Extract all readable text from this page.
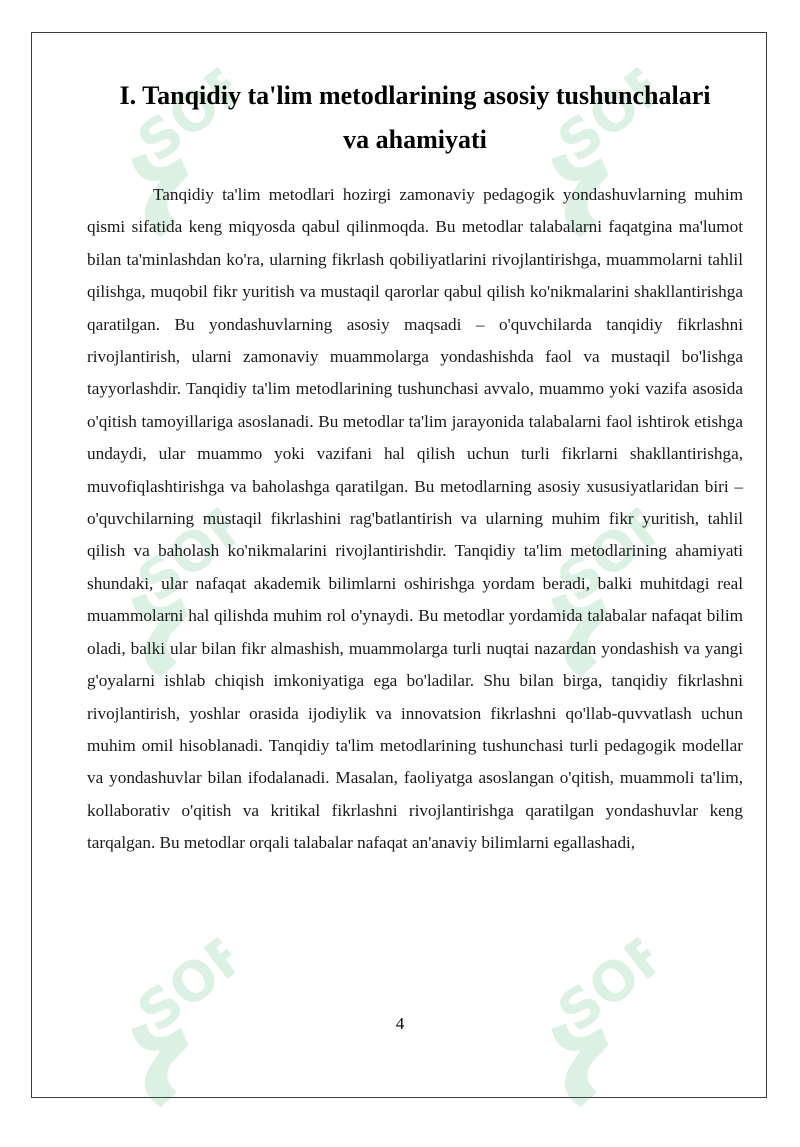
I. Tanqidiy ta'lim metodlarining asosiy tushunchalari
va ahamiyati

Tanqidiy ta'lim metodlari hozirgi zamonaviy pedagogik yondashuvlarning muhim qismi sifatida keng miqyosda qabul qilinmoqda. Bu metodlar talabalarni faqatgina ma'lumot bilan ta'minlashdan ko'ra, ularning fikrlash qobiliyatlarini rivojlantirishga, muammolarni tahlil qilishga, muqobil fikr yuritish va mustaqil qarorlar qabul qilish ko'nikmalarini shakllantirishga qaratilgan. Bu yondashuvlarning asosiy maqsadi – o'quvchilarda tanqidiy fikrlashni rivojlantirish, ularni zamonaviy muammolarga yondashishda faol va mustaqil bo'lishga tayyorlashdir. Tanqidiy ta'lim metodlarining tushunchasi avvalo, muammo yoki vazifa asosida o'qitish tamoyillariga asoslanadi. Bu metodlar ta'lim jarayonida talabalarni faol ishtirok etishga undaydi, ular muammo yoki vazifani hal qilish uchun turli fikrlarni shakllantirishga, muvofiqlashtirishga va baholashga qaratilgan. Bu metodlarning asosiy xususiyatlaridan biri – o'quvchilarning mustaqil fikrlashini rag'batlantirish va ularning muhim fikr yuritish, tahlil qilish va baholash ko'nikmalarini rivojlantirishdir. Tanqidiy ta'lim metodlarining ahamiyati shundaki, ular nafaqat akademik bilimlarni oshirishga yordam beradi, balki muhitdagi real muammolarni hal qilishda muhim rol o'ynaydi. Bu metodlar yordamida talabalar nafaqat bilim oladi, balki ular bilan fikr almashish, muammolarga turli nuqtai nazardan yondashish va yangi g'oyalarni ishlab chiqish imkoniyatiga ega bo'ladilar. Shu bilan birga, tanqidiy fikrlashni rivojlantirish, yoshlar orasida ijodiylik va innovatsion fikrlashni qo'llab-quvvatlash uchun muhim omil hisoblanadi. Tanqidiy ta'lim metodlarining tushunchasi turli pedagogik modellar va yondashuvlar bilan ifodalanadi. Masalan, faoliyatga asoslangan o'qitish, muammoli ta'lim, kollaborativ o'qitish va kritikal fikrlashni rivojlantirishga qaratilgan yondashuvlar keng tarqalgan. Bu metodlar orqali talabalar nafaqat an'anaviy bilimlarni egallashadi,

4
